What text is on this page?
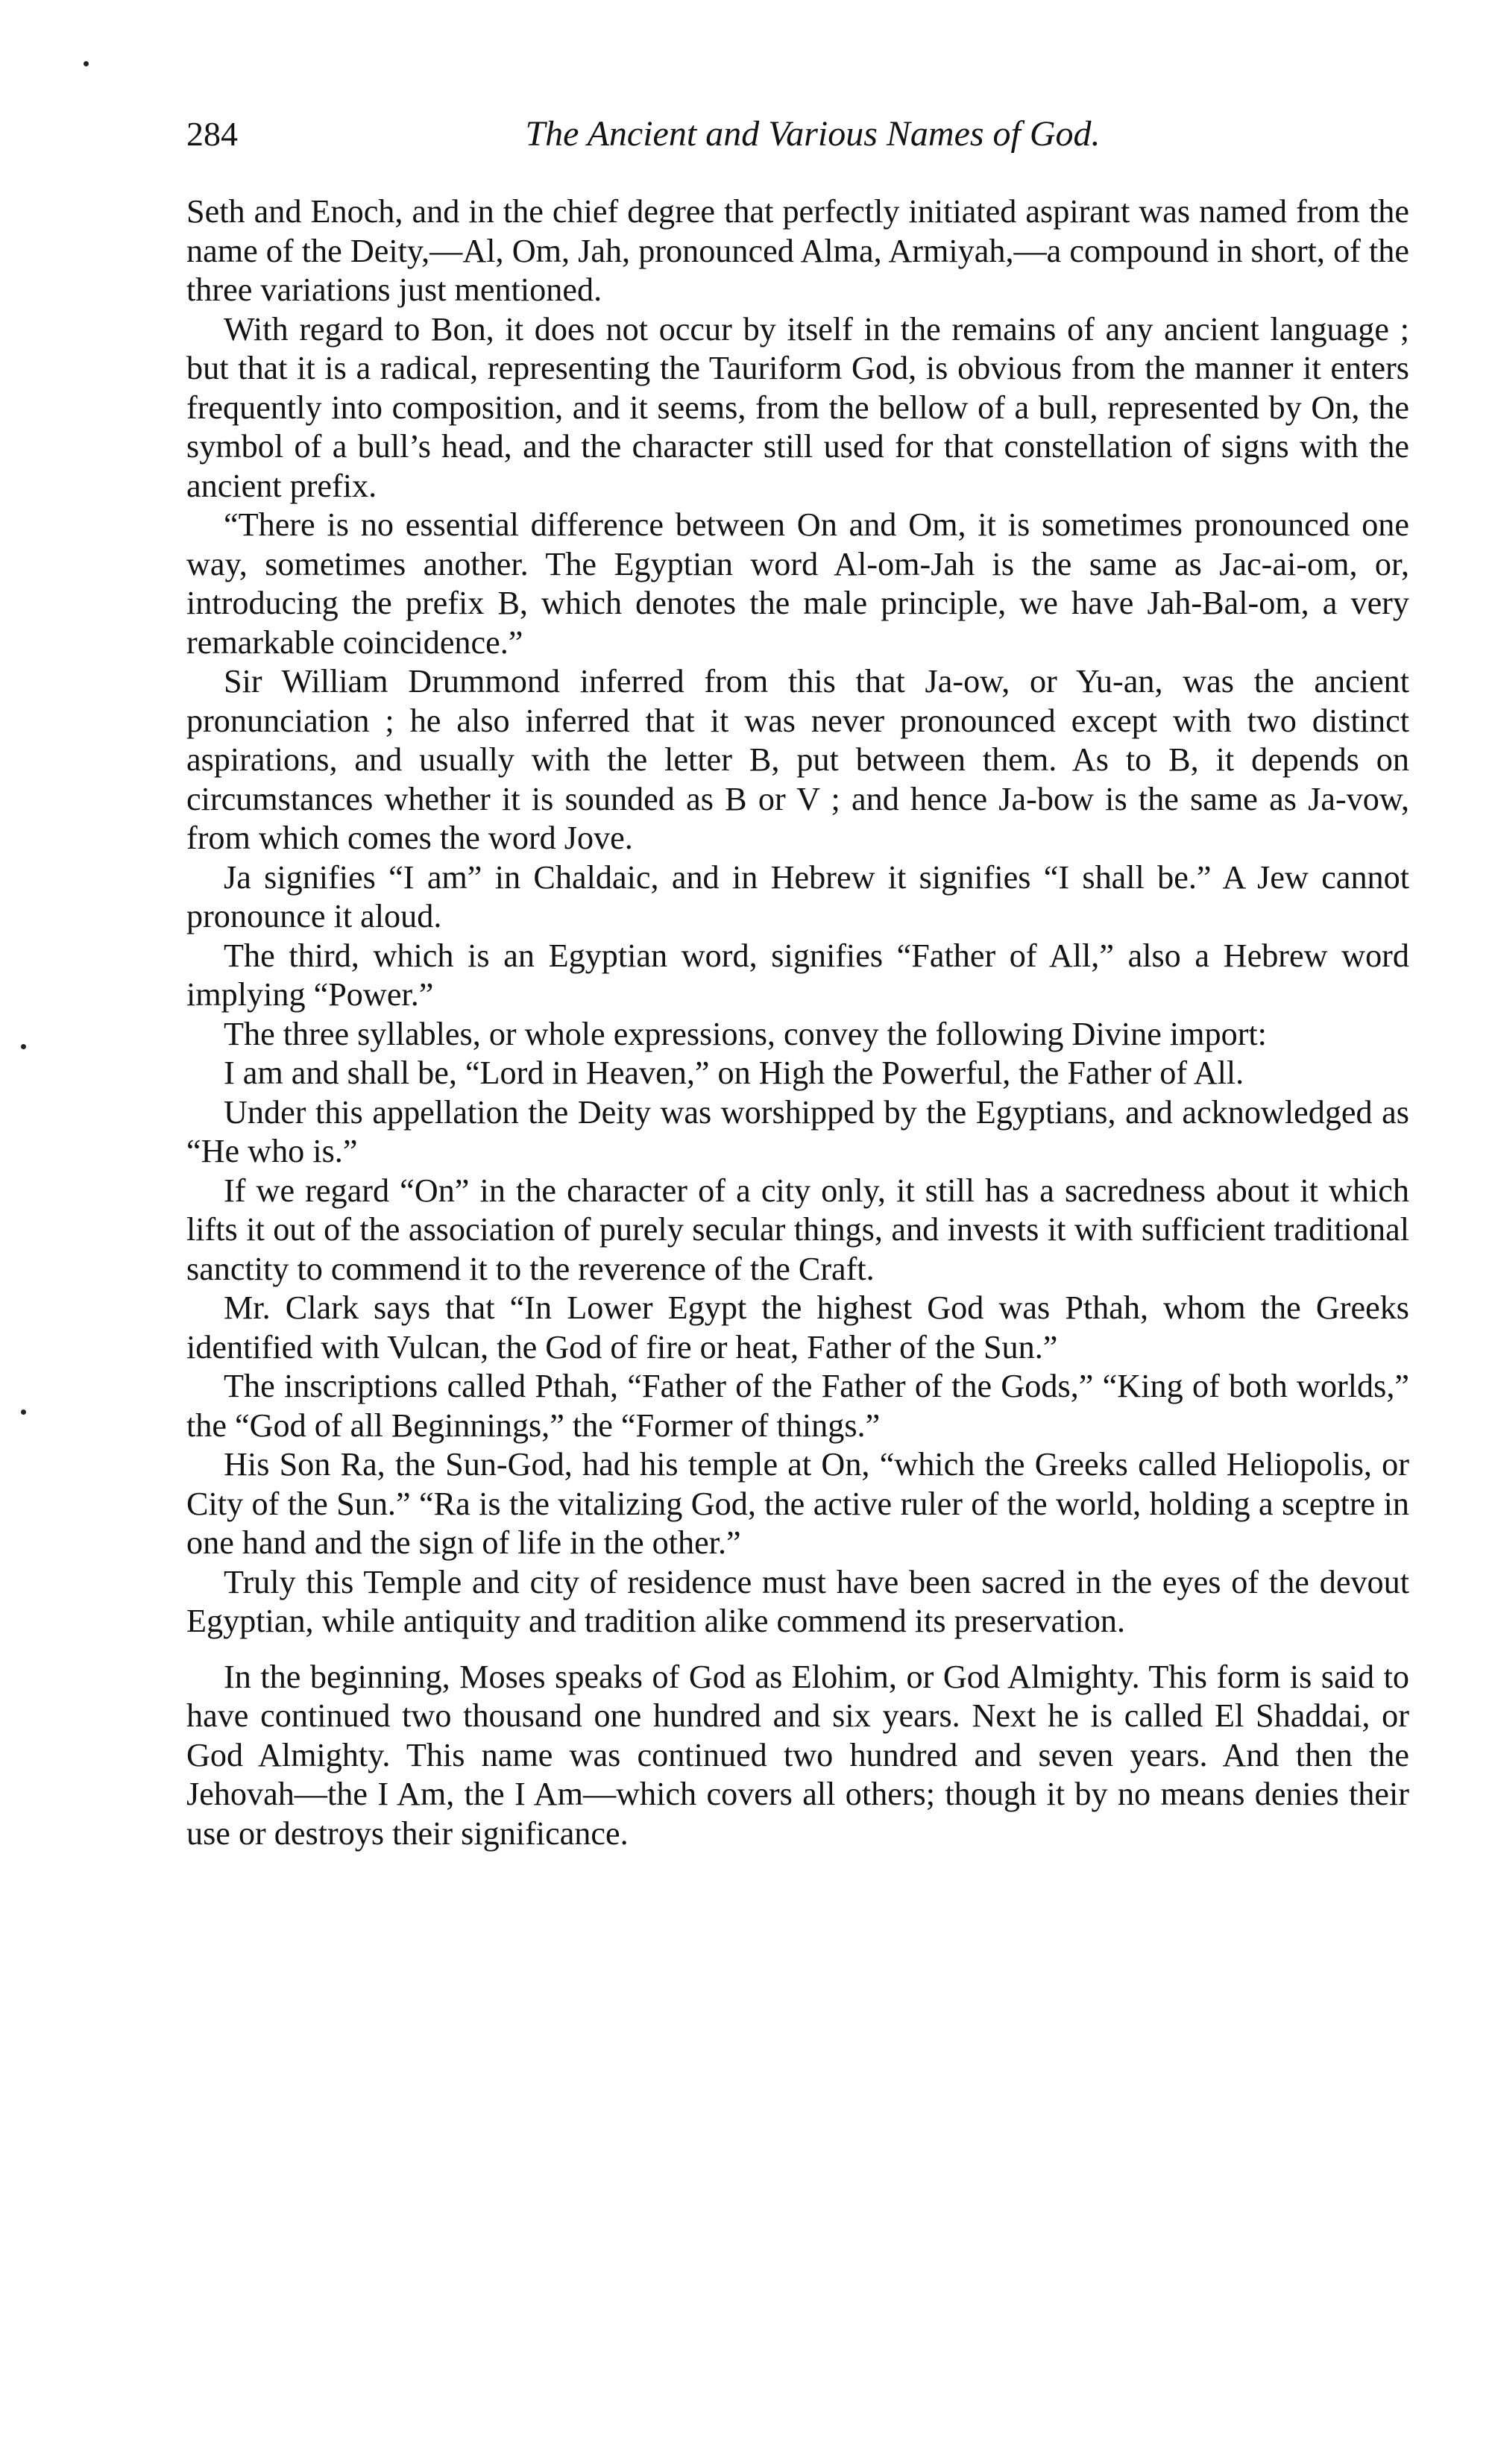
284	The Ancient and Various Names of God.

Seth and Enoch, and in the chief degree that perfectly initiated aspirant was named from the name of the Deity,—Al, Om, Jah, pronounced Alma, Armiyah,—a compound in short, of the three variations just mentioned.

With regard to Bon, it does not occur by itself in the remains of any ancient language ; but that it is a radical, representing the Tauriform God, is obvious from the manner it enters frequently into composition, and it seems, from the bellow of a bull, represented by On, the symbol of a bull’s head, and the character still used for that constellation of signs with the ancient prefix.

“There is no essential difference between On and Om, it is sometimes pronounced one way, sometimes another. The Egyptian word Al-om-Jah is the same as Jac-ai-om, or, introducing the prefix B, which denotes the male principle, we have Jah-Bal-om, a very remarkable coincidence.”

Sir William Drummond inferred from this that Ja-ow, or Yu-an, was the ancient pronunciation ; he also inferred that it was never pronounced except with two distinct aspirations, and usually with the letter B, put between them. As to B, it depends on circumstances whether it is sounded as B or V ; and hence Ja-bow is the same as Ja-vow, from which comes the word Jove.

Ja signifies “I am” in Chaldaic, and in Hebrew it signifies “I shall be.” A Jew cannot pronounce it aloud.

The third, which is an Egyptian word, signifies “Father of All,” also a Hebrew word implying “Power.”

The three syllables, or whole expressions, convey the following Divine import:

I am and shall be, “Lord in Heaven,” on High the Powerful, the Father of All.

Under this appellation the Deity was worshipped by the Egyptians, and acknowledged as “He who is.”

If we regard “On” in the character of a city only, it still has a sacredness about it which lifts it out of the association of purely secular things, and invests it with sufficient traditional sanctity to commend it to the reverence of the Craft.

Mr. Clark says that “In Lower Egypt the highest God was Pthah, whom the Greeks identified with Vulcan, the God of fire or heat, Father of the Sun.”

The inscriptions called Pthah, “Father of the Father of the Gods,” “King of both worlds,” the “God of all Beginnings,” the “Former of things.”

His Son Ra, the Sun-God, had his temple at On, “which the Greeks called Heliopolis, or City of the Sun.” “Ra is the vitalizing God, the active ruler of the world, holding a sceptre in one hand and the sign of life in the other.”

Truly this Temple and city of residence must have been sacred in the eyes of the devout Egyptian, while antiquity and tradition alike commend its preservation.

In the beginning, Moses speaks of God as Elohim, or God Almighty. This form is said to have continued two thousand one hundred and six years. Next he is called El Shaddai, or God Almighty. This name was continued two hundred and seven years. And then the Jehovah—the I Am, the I Am—which covers all others; though it by no means denies their use or destroys their significance.
